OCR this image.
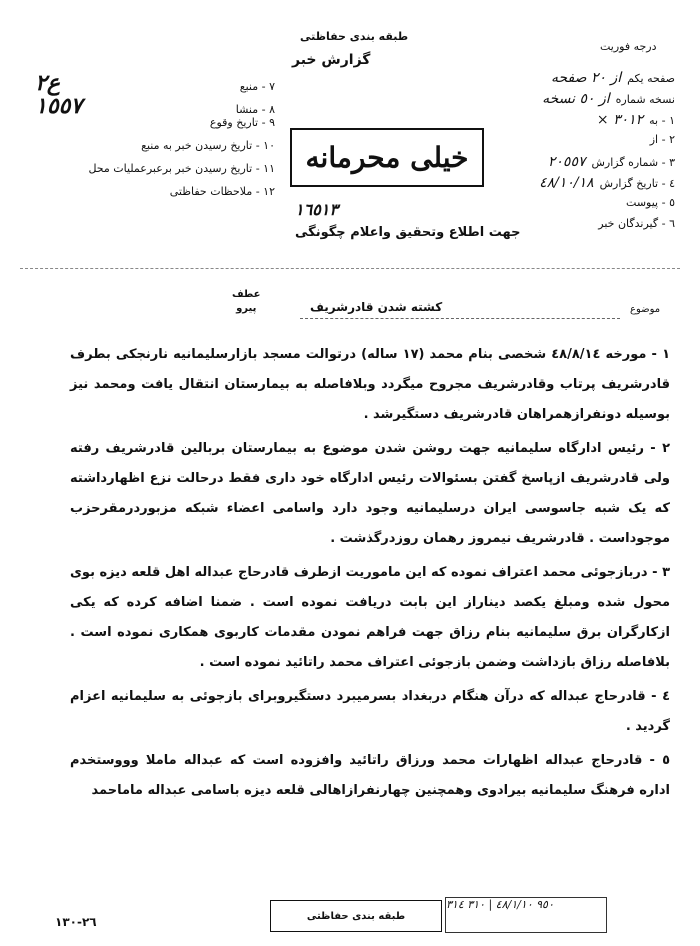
طبقه بندی حفاظتی
گزارش خبر
درجه فوریت
صفحه یکم
از ٢٠ صفحه
نسخه شماره
از ٥٠ نسخه
١ - به
٣٠١٢ ×
٢ - از
٣ - شماره گزارش
٢٠٥٥٧
٤ - تاریخ گزارش
٤٨/١٠/١٨
٥ - پیوست
٦ - گیرندگان خبر
٧ - منبع
ع٢
٨ - منشا
١٥٥٧
٩ - تاریخ وقوع
١٠ - تاریخ رسیدن خبر به منبع
١١ - تاریخ رسیدن خبر برعبرعملیات محل
١٢ - ملاحظات حفاظتی
خیلی محرمانه
١٦٥١٣
جهت اطلاع وتحقیق واعلام چگونگی
عطف
پیرو	کشته شدن قادرشریف	موضوع

١ - مورخه ٤٨/٨/١٤ شخصی بنام محمد (١٧ ساله) درتوالت مسجد بازارسلیمانیه نارنجکی بطرف قادرشریف پرتاب وقادرشریف مجروح میگردد وبلافاصله به بیمارستان انتقال یافت ومحمد نیز بوسیله دونفرازهمراهان قادرشریف دستگیرشد .

٢ - رئیس ادارگاه سلیمانیه جهت روشن شدن موضوع به بیمارستان بربالین قادرشریف رفته ولی قادرشریف ازپاسخ گفتن بسئوالات رئیس ادارگاه خود داری فقط درحالت نزع اظهارداشته که یک شبه جاسوسی ایران درسلیمانیه وجود دارد واسامی اعضاء شبکه مزبوردرمقرحزب موجوداست . قادرشریف نیمروز رهمان روزدرگذشت .

٣ - دربازجوئی محمد اعتراف نموده که این ماموریت ازطرف قادرحاج عبداله اهل قلعه دیزه بوی محول شده ومبلغ یکصد دیناراز این بابت دریافت نموده است . ضمنا اضافه کرده که یکی ازکارگران برق سلیمانیه بنام رزاق جهت فراهم نمودن مقدمات کاربوی همکاری نموده است . بلافاصله رزاق بازداشت وضمن بازجوئی اعتراف محمد راتائید نموده است .

٤ - قادرحاج عبداله که درآن هنگام دربغداد بسرمیبرد دستگیروبرای بازجوئی به سلیمانیه اعزام گردید .

٥ - قادرحاج عبداله اظهارات محمد ورزاق راتائید وافزوده است که عبداله ماملا وووستخدم اداره فرهنگ سلیمانیه بیرادوی وهمچنین چهارنفرازاهالی قلعه دیزه باسامی عبداله ماماحمد

طبقه بندی حفاظتی
٩٥٠ ٤٨/١/١٠ | ٣١٠ ٣١٤
٢٦-١٣٠
